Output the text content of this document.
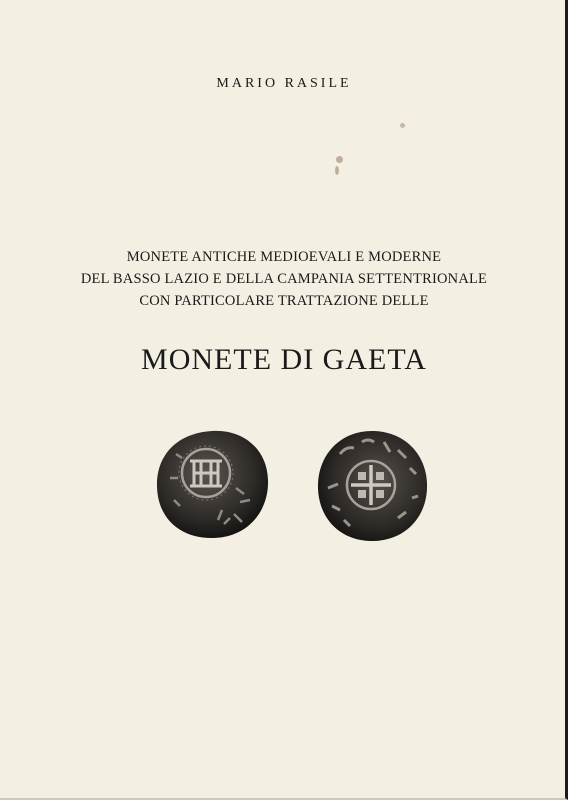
MARIO RASILE
MONETE ANTICHE MEDIOEVALI E MODERNE
DEL BASSO LAZIO E DELLA CAMPANIA SETTENTRIONALE
CON PARTICOLARE TRATTAZIONE DELLE
MONETE DI GAETA
